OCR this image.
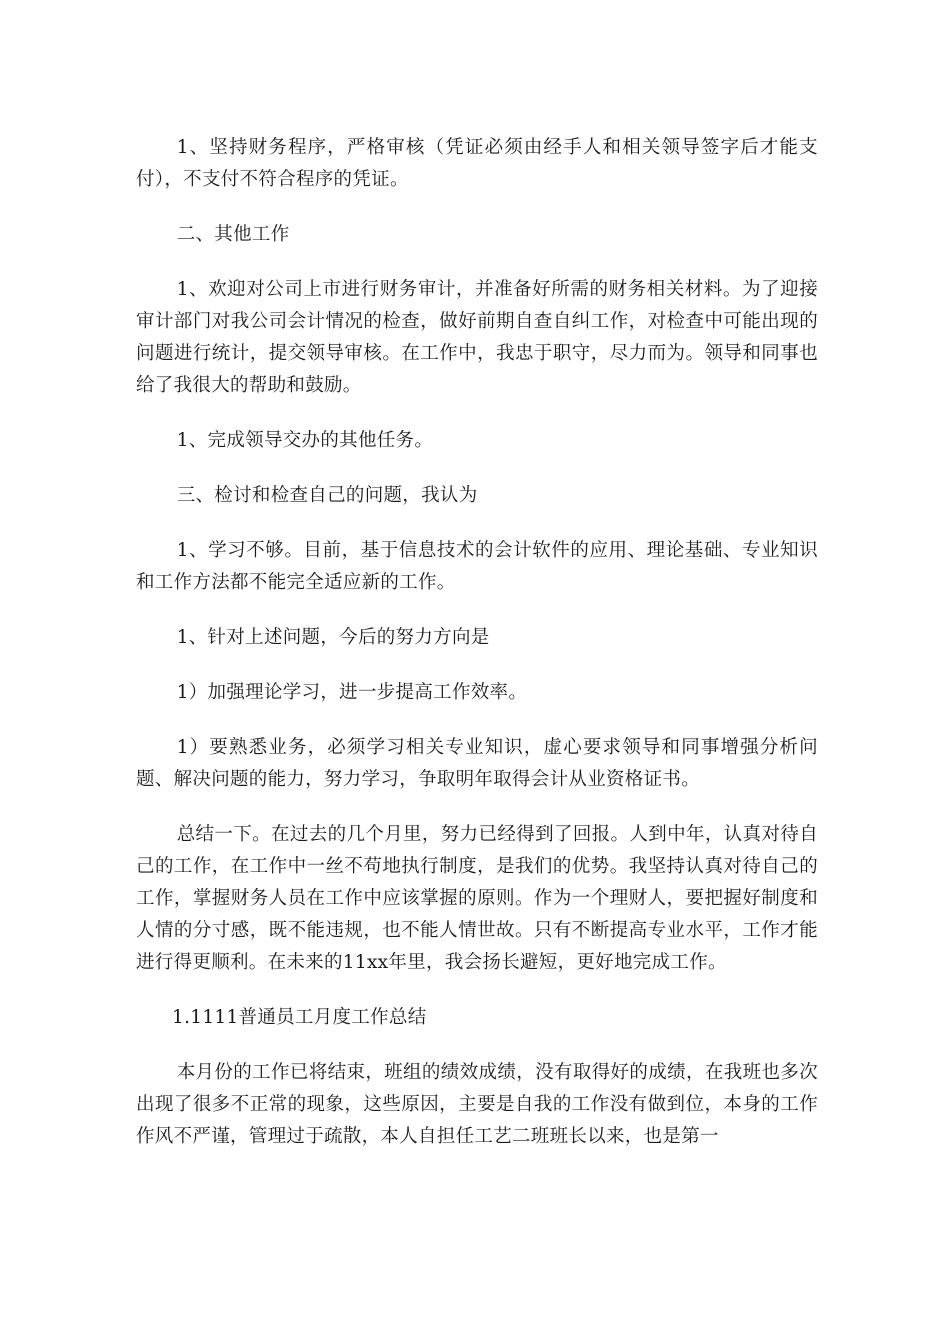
1、坚持财务程序，严格审核（凭证必须由经手人和相关领导签字后才能支付），不支付不符合程序的凭证。

二、其他工作

1、欢迎对公司上市进行财务审计，并准备好所需的财务相关材料。为了迎接审计部门对我公司会计情况的检查，做好前期自查自纠工作，对检查中可能出现的问题进行统计，提交领导审核。在工作中，我忠于职守，尽力而为。领导和同事也给了我很大的帮助和鼓励。

1、完成领导交办的其他任务。

三、检讨和检查自己的问题，我认为

1、学习不够。目前，基于信息技术的会计软件的应用、理论基础、专业知识和工作方法都不能完全适应新的工作。

1、针对上述问题，今后的努力方向是

1）加强理论学习，进一步提高工作效率。

1）要熟悉业务，必须学习相关专业知识，虚心要求领导和同事增强分析问题、解决问题的能力，努力学习，争取明年取得会计从业资格证书。

总结一下。在过去的几个月里，努力已经得到了回报。人到中年，认真对待自己的工作，在工作中一丝不苟地执行制度，是我们的优势。我坚持认真对待自己的工作，掌握财务人员在工作中应该掌握的原则。作为一个理财人，要把握好制度和人情的分寸感，既不能违规，也不能人情世故。只有不断提高专业水平，工作才能进行得更顺利。在未来的11xx年里，我会扬长避短，更好地完成工作。

1.1111普通员工月度工作总结

本月份的工作已将结束，班组的绩效成绩，没有取得好的成绩，在我班也多次出现了很多不正常的现象，这些原因，主要是自我的工作没有做到位，本身的工作作风不严谨，管理过于疏散，本人自担任工艺二班班长以来，也是第一
